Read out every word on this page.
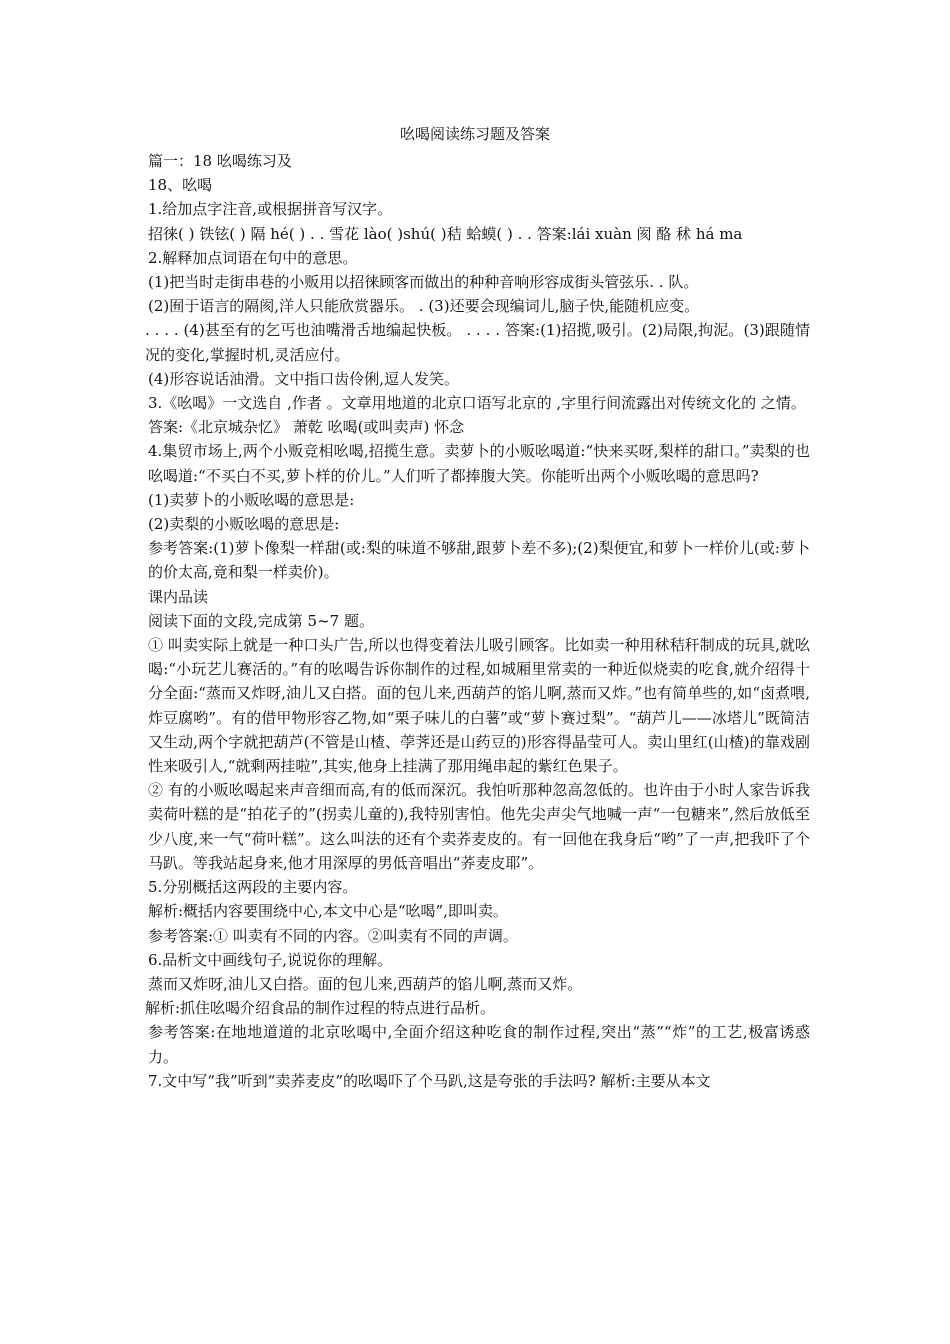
吆喝阅读练习题及答案

篇一：18 吆喝练习及

18、吆喝

1.给加点字注音,或根据拼音写汉字。

招徕( ) 铁铉( ) 隔 hé( ) . . 雪花 lào( )shú( )秸 蛤蟆( ) . . 答案:lái xuàn 阂 酪 秫 há ma

2.解释加点词语在句中的意思。

(1)把当时走街串巷的小贩用以招徕顾客而做出的种种音响形容成街头管弦乐. . 队。

(2)囿于语言的隔阂,洋人只能欣赏器乐。 . (3)还要会现编词儿,脑子快,能随机应变。

. . . . (4)甚至有的乞丐也油嘴滑舌地编起快板。 . . . . 答案:(1)招揽,吸引。(2)局限,拘泥。(3)跟随情况的变化,掌握时机,灵活应付。

(4)形容说话油滑。文中指口齿伶俐,逗人发笑。

3.《吆喝》一文选自 ,作者 。文章用地道的北京口语写北京的 ,字里行间流露出对传统文化的 之情。

答案:《北京城杂忆》 萧乾 吆喝(或叫卖声) 怀念

4.集贸市场上,两个小贩竞相吆喝,招揽生意。卖萝卜的小贩吆喝道:“快来买呀,梨样的甜口。”卖梨的也吆喝道:“不买白不买,萝卜样的价儿。”人们听了都捧腹大笑。你能听出两个小贩吆喝的意思吗?

(1)卖萝卜的小贩吆喝的意思是:

(2)卖梨的小贩吆喝的意思是:

参考答案:(1)萝卜像梨一样甜(或:梨的味道不够甜,跟萝卜差不多);(2)梨便宜,和萝卜一样价儿(或:萝卜的价太高,竟和梨一样卖价)。

课内品读

阅读下面的文段,完成第 5~7 题。

① 叫卖实际上就是一种口头广告,所以也得变着法儿吸引顾客。比如卖一种用秫秸秆制成的玩具,就吆喝:“小玩艺儿赛活的。”有的吆喝告诉你制作的过程,如城厢里常卖的一种近似烧卖的吃食,就介绍得十分全面:“蒸而又炸呀,油儿又白搭。面的包儿来,西葫芦的馅儿啊,蒸而又炸。”也有简单些的,如“卤煮喂,炸豆腐哟”。有的借甲物形容乙物,如“栗子味儿的白薯”或“萝卜赛过梨”。“葫芦儿——冰塔儿”既简洁又生动,两个字就把葫芦(不管是山楂、荸荠还是山药豆的)形容得晶莹可人。卖山里红(山楂)的靠戏剧性来吸引人,“就剩两挂啦”,其实,他身上挂满了那用绳串起的紫红色果子。

② 有的小贩吆喝起来声音细而高,有的低而深沉。我怕听那种忽高忽低的。也许由于小时人家告诉我卖荷叶糕的是“拍花子的”(拐卖儿童的),我特别害怕。他先尖声尖气地喊一声“一包糖来”,然后放低至少八度,来一气“荷叶糕”。这么叫法的还有个卖荞麦皮的。有一回他在我身后“哟”了一声,把我吓了个马趴。等我站起身来,他才用深厚的男低音唱出“荞麦皮耶”。

5.分别概括这两段的主要内容。

解析:概括内容要围绕中心,本文中心是“吆喝”,即叫卖。

参考答案:① 叫卖有不同的内容。②叫卖有不同的声调。

6.品析文中画线句子,说说你的理解。

蒸而又炸呀,油儿又白搭。面的包儿来,西葫芦的馅儿啊,蒸而又炸。

解析:抓住吆喝介绍食品的制作过程的特点进行品析。

参考答案:在地地道道的北京吆喝中,全面介绍这种吃食的制作过程,突出“蒸”“炸”的工艺,极富诱惑力。

7.文中写“我”听到“卖荞麦皮”的吆喝吓了个马趴,这是夸张的手法吗? 解析:主要从本文
